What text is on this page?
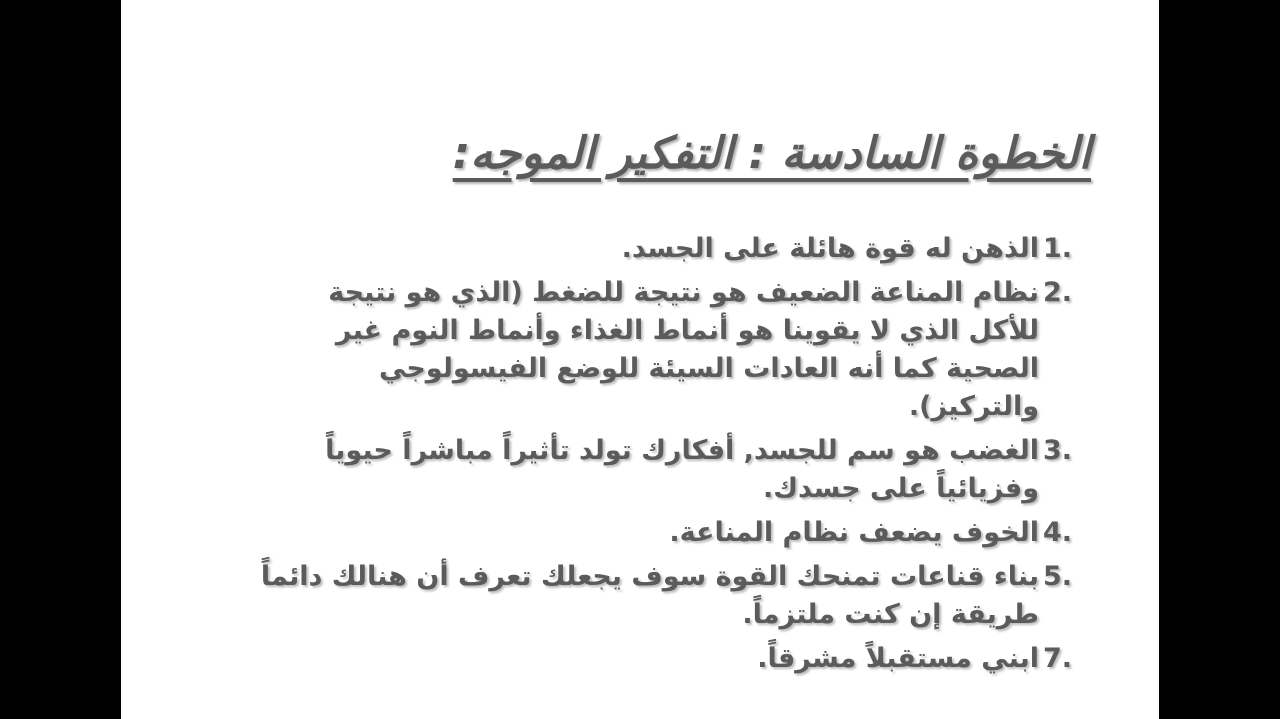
الخطوة السادسة : التفكير الموجه:
1.
الذهن له قوة هائلة على الجسد.
2.
نظام المناعة الضعيف هو نتيجة للضغط (الذي هو نتيجة للأكل الذي لا يقوينا هو أنماط الغذاء وأنماط النوم غير الصحية كما أنه العادات السيئة للوضع الفيسولوجي والتركيز).
3.
الغضب هو سم للجسد, أفكارك تولد تأثيراً مباشراً حيوياً وفزيائياً على جسدك.
4.
الخوف يضعف نظام المناعة.
5.
بناء قناعات تمنحك القوة سوف يجعلك تعرف أن هنالك دائماً طريقة إن كنت ملتزماً.
7.
ابني مستقبلاً مشرقاً.
